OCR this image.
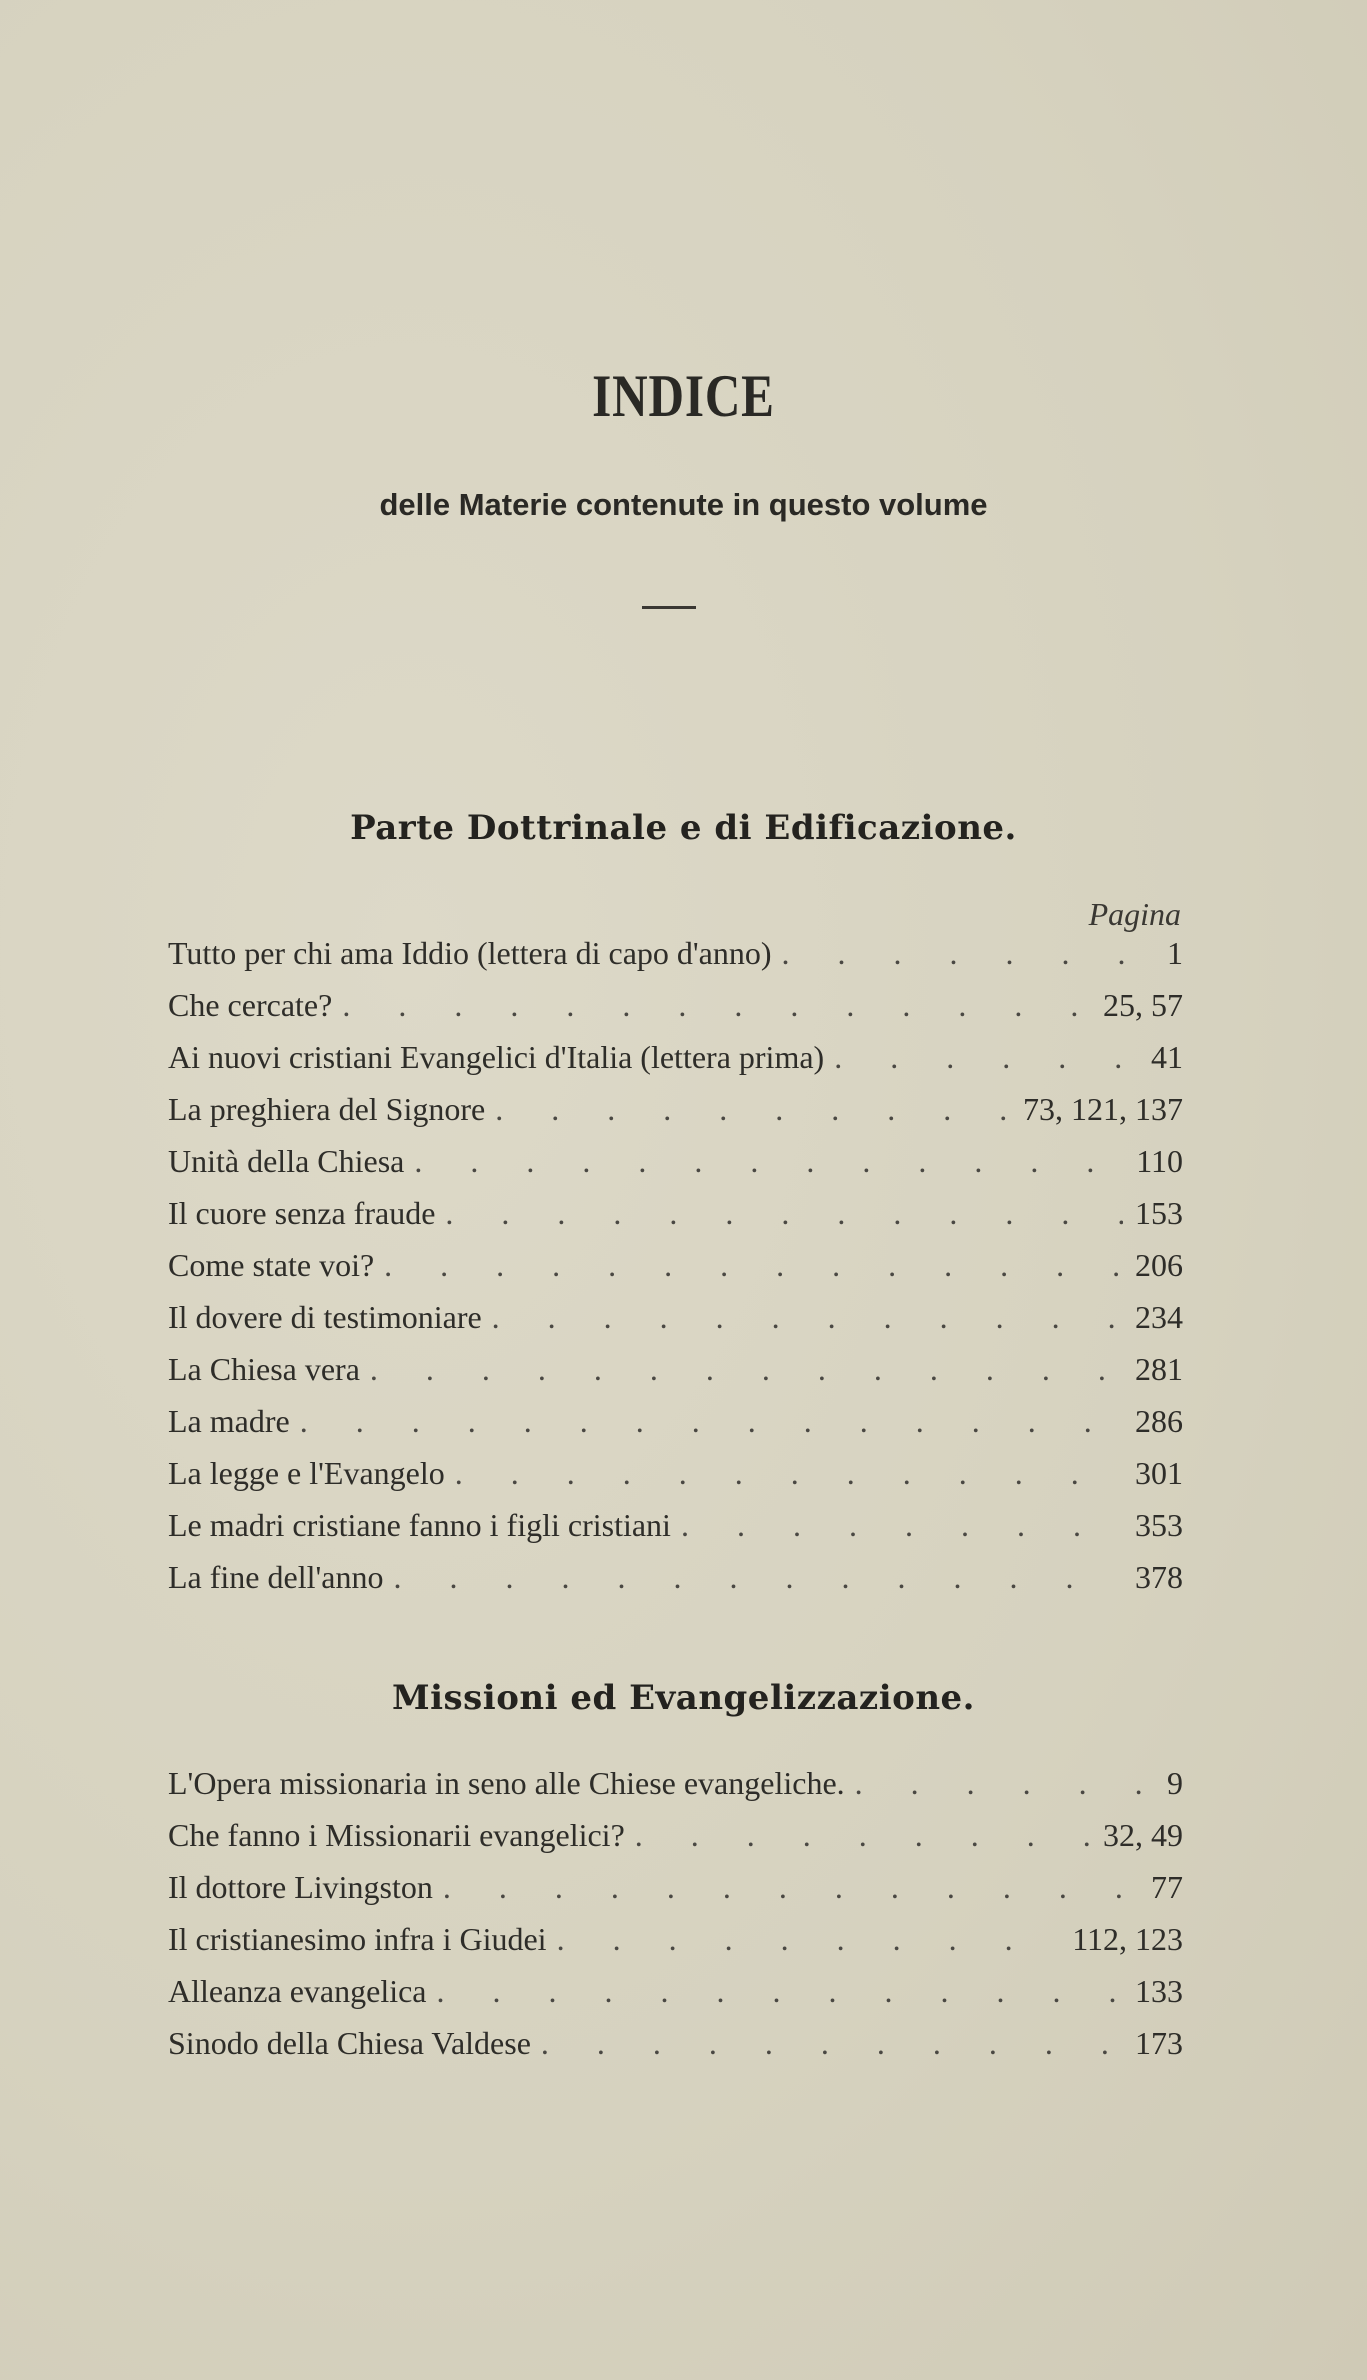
INDICE
delle Materie contenute in questo volume
Parte Dottrinale e di Edificazione.
Pagina
Tutto per chi ama Iddio (lettera di capo d'anno) . . .	1
Che cercate? . . .	25, 57
Ai nuovi cristiani Evangelici d'Italia (lettera prima) . . .	41
La preghiera del Signore . . .	73, 121, 137
Unità della Chiesa . . .	110
Il cuore senza fraude . . .	153
Come state voi? . . .	206
Il dovere di testimoniare . . .	234
La Chiesa vera . . .	281
La madre . . .	286
La legge e l'Evangelo . . .	301
Le madri cristiane fanno i figli cristiani . . .	353
La fine dell'anno . . .	378
Missioni ed Evangelizzazione.
L'Opera missionaria in seno alle Chiese evangeliche. . . .	9
Che fanno i Missionarii evangelici? . . .	32, 49
Il dottore Livingston . . .	77
Il cristianesimo infra i Giudei . . .	112, 123
Alleanza evangelica . . .	133
Sinodo della Chiesa Valdese . . .	173
